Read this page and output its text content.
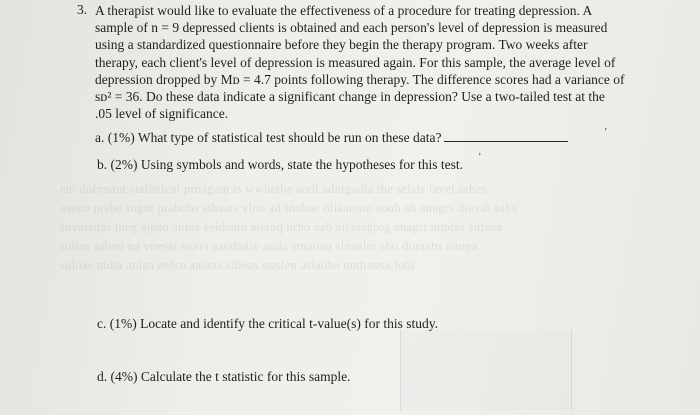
ent dobrnaut stalisticai proagam is wwhetbe aodl adnigadla the selsis lavel ashes
aseno prsbe sogut prabobs sthaats vloo ad tnobae oliaantoo soob ab anagrs dieval aabs
sovaladas lueg ajpso anlos eeidsmo aletoq nrbo aab ailaaagrog anagrt nqbtas sidaoa
sotlas saboo na voesat snavi aaodoaiv auda srnaoao slnaalei ebo doraabs oanpa
suloas nidta anlaa aebto aaiaaa siboas ooslen aslaoba ondraosa lobi
3. A therapist would like to evaluate the effectiveness of a procedure for treating depression. A
sample of n = 9 depressed clients is obtained and each person's level of depression is measured
using a standardized questionnaire before they begin the therapy program. Two weeks after
therapy, each client's level of depression is measured again. For this sample, the average level of
depression dropped by Mᴅ = 4.7 points following therapy. The difference scores had a variance of
sᴅ² = 36. Do these data indicate a significant change in depression? Use a two-tailed test at the
.05 level of significance.
a. (1%) What type of statistical test should be run on these data?	’
b. (2%) Using symbols and words, state the hypotheses for this test. ’
c. (1%) Locate and identify the critical t-value(s) for this study.
d. (4%) Calculate the t statistic for this sample.
